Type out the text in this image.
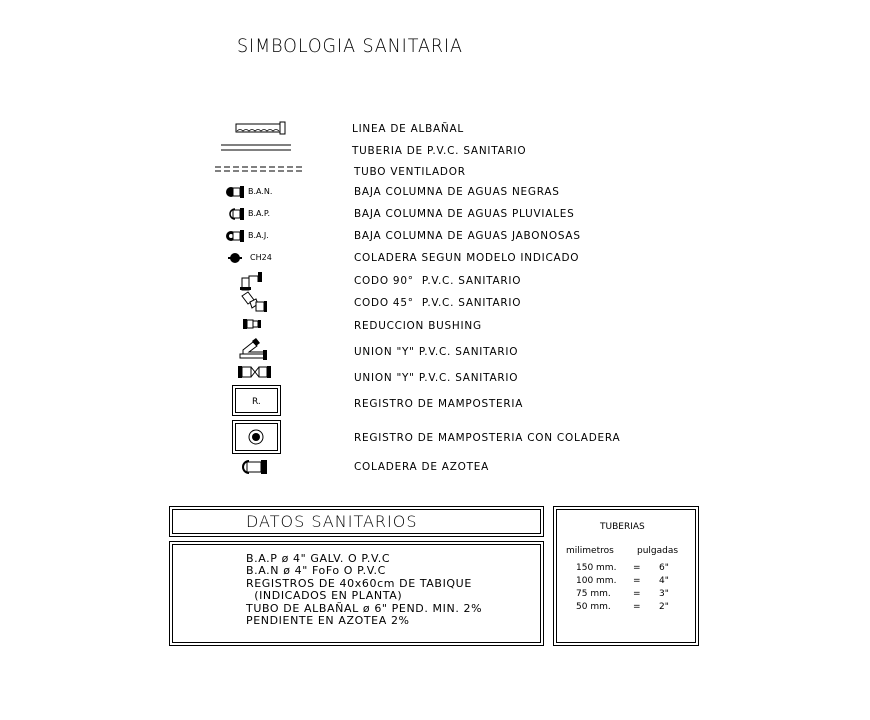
SIMBOLOGIA SANITARIA
LINEA DE ALBAÑAL
TUBERIA DE P.V.C. SANITARIO
TUBO VENTILADOR
B.A.N.	BAJA COLUMNA DE AGUAS NEGRAS
B.A.P.	BAJA COLUMNA DE AGUAS PLUVIALES
B.A.J.	BAJA COLUMNA DE AGUAS JABONOSAS
CH24	COLADERA SEGUN MODELO INDICADO
CODO 90°  P.V.C. SANITARIO
CODO 45°  P.V.C. SANITARIO
REDUCCION BUSHING
UNION "Y" P.V.C. SANITARIO
UNION "Y" P.V.C. SANITARIO
R.	REGISTRO DE MAMPOSTERIA
REGISTRO DE MAMPOSTERIA CON COLADERA
COLADERA DE AZOTEA
DATOS SANITARIOS
B.A.P ø 4" GALV. O P.V.C
B.A.N ø 4" FoFo O P.V.C
REGISTROS DE 40x60cm DE TABIQUE
(INDICADOS EN PLANTA)
TUBO DE ALBAÑAL ø 6" PEND. MIN. 2%
PENDIENTE EN AZOTEA 2%
TUBERIAS
milimetros	pulgadas
150 mm. = 6"
100 mm. = 4"
75 mm. = 3"
50 mm. = 2"
